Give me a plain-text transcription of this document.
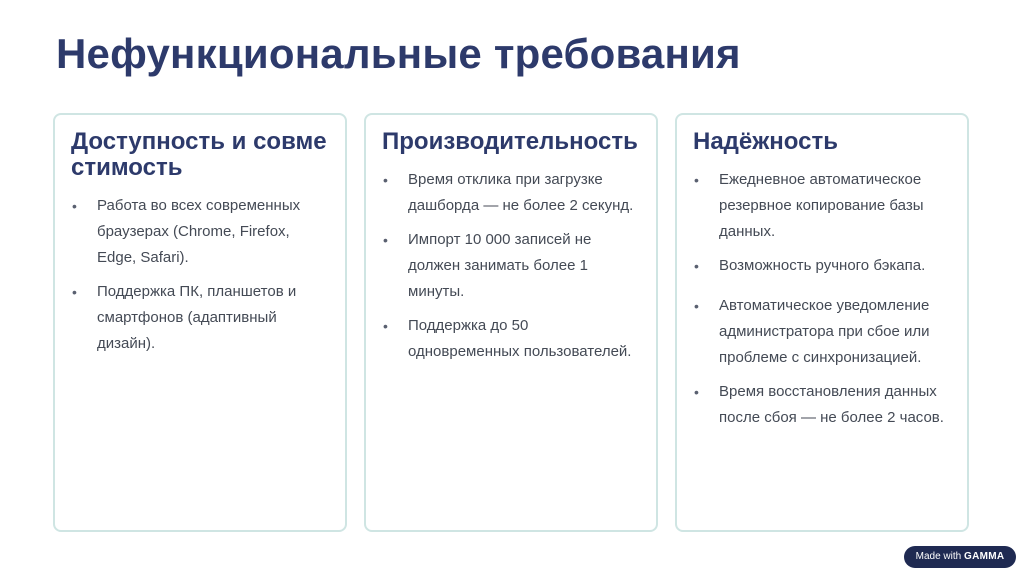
Нефункциональные требования
Доступность и совместимость
• Работа во всех современных браузерах (Chrome, Firefox, Edge, Safari).
• Поддержка ПК, планшетов и смартфонов (адаптивный дизайн).
Производительность
• Время отклика при загрузке дашборда — не более 2 секунд.
• Импорт 10 000 записей не должен занимать более 1 минуты.
• Поддержка до 50 одновременных пользователей.
Надёжность
• Ежедневное автоматическое резервное копирование базы данных.
• Возможность ручного бэкапа.
• Автоматическое уведомление администратора при сбое или проблеме с синхронизацией.
• Время восстановления данных после сбоя — не более 2 часов.
Made with GAMMA
